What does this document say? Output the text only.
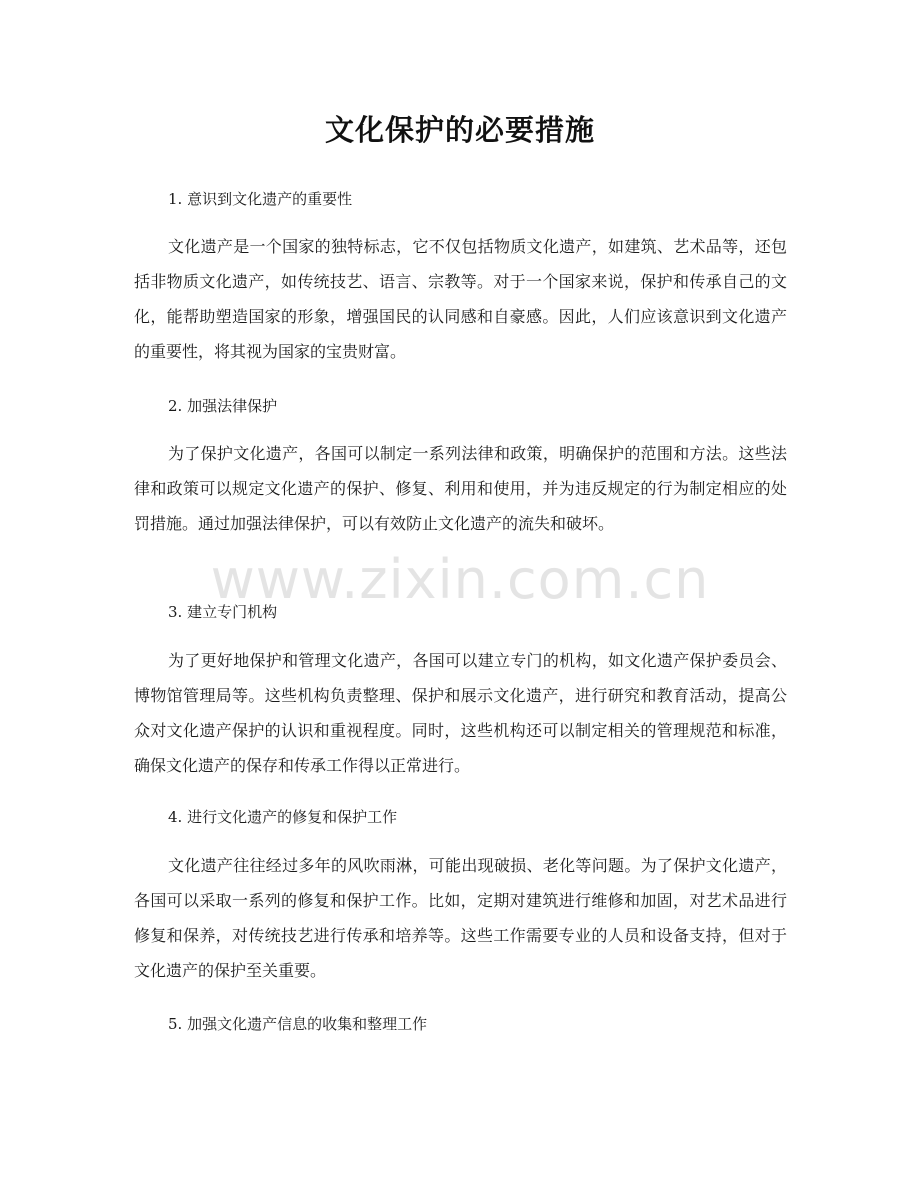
文化保护的必要措施

1. 意识到文化遗产的重要性

文化遗产是一个国家的独特标志，它不仅包括物质文化遗产，如建筑、艺术品等，还包括非物质文化遗产，如传统技艺、语言、宗教等。对于一个国家来说，保护和传承自己的文化，能帮助塑造国家的形象，增强国民的认同感和自豪感。因此，人们应该意识到文化遗产的重要性，将其视为国家的宝贵财富。

2. 加强法律保护

为了保护文化遗产，各国可以制定一系列法律和政策，明确保护的范围和方法。这些法律和政策可以规定文化遗产的保护、修复、利用和使用，并为违反规定的行为制定相应的处罚措施。通过加强法律保护，可以有效防止文化遗产的流失和破坏。

3. 建立专门机构

为了更好地保护和管理文化遗产，各国可以建立专门的机构，如文化遗产保护委员会、博物馆管理局等。这些机构负责整理、保护和展示文化遗产，进行研究和教育活动，提高公众对文化遗产保护的认识和重视程度。同时，这些机构还可以制定相关的管理规范和标准，确保文化遗产的保存和传承工作得以正常进行。

4. 进行文化遗产的修复和保护工作

文化遗产往往经过多年的风吹雨淋，可能出现破损、老化等问题。为了保护文化遗产，各国可以采取一系列的修复和保护工作。比如，定期对建筑进行维修和加固，对艺术品进行修复和保养，对传统技艺进行传承和培养等。这些工作需要专业的人员和设备支持，但对于文化遗产的保护至关重要。

5. 加强文化遗产信息的收集和整理工作

www.zixin.com.cn
